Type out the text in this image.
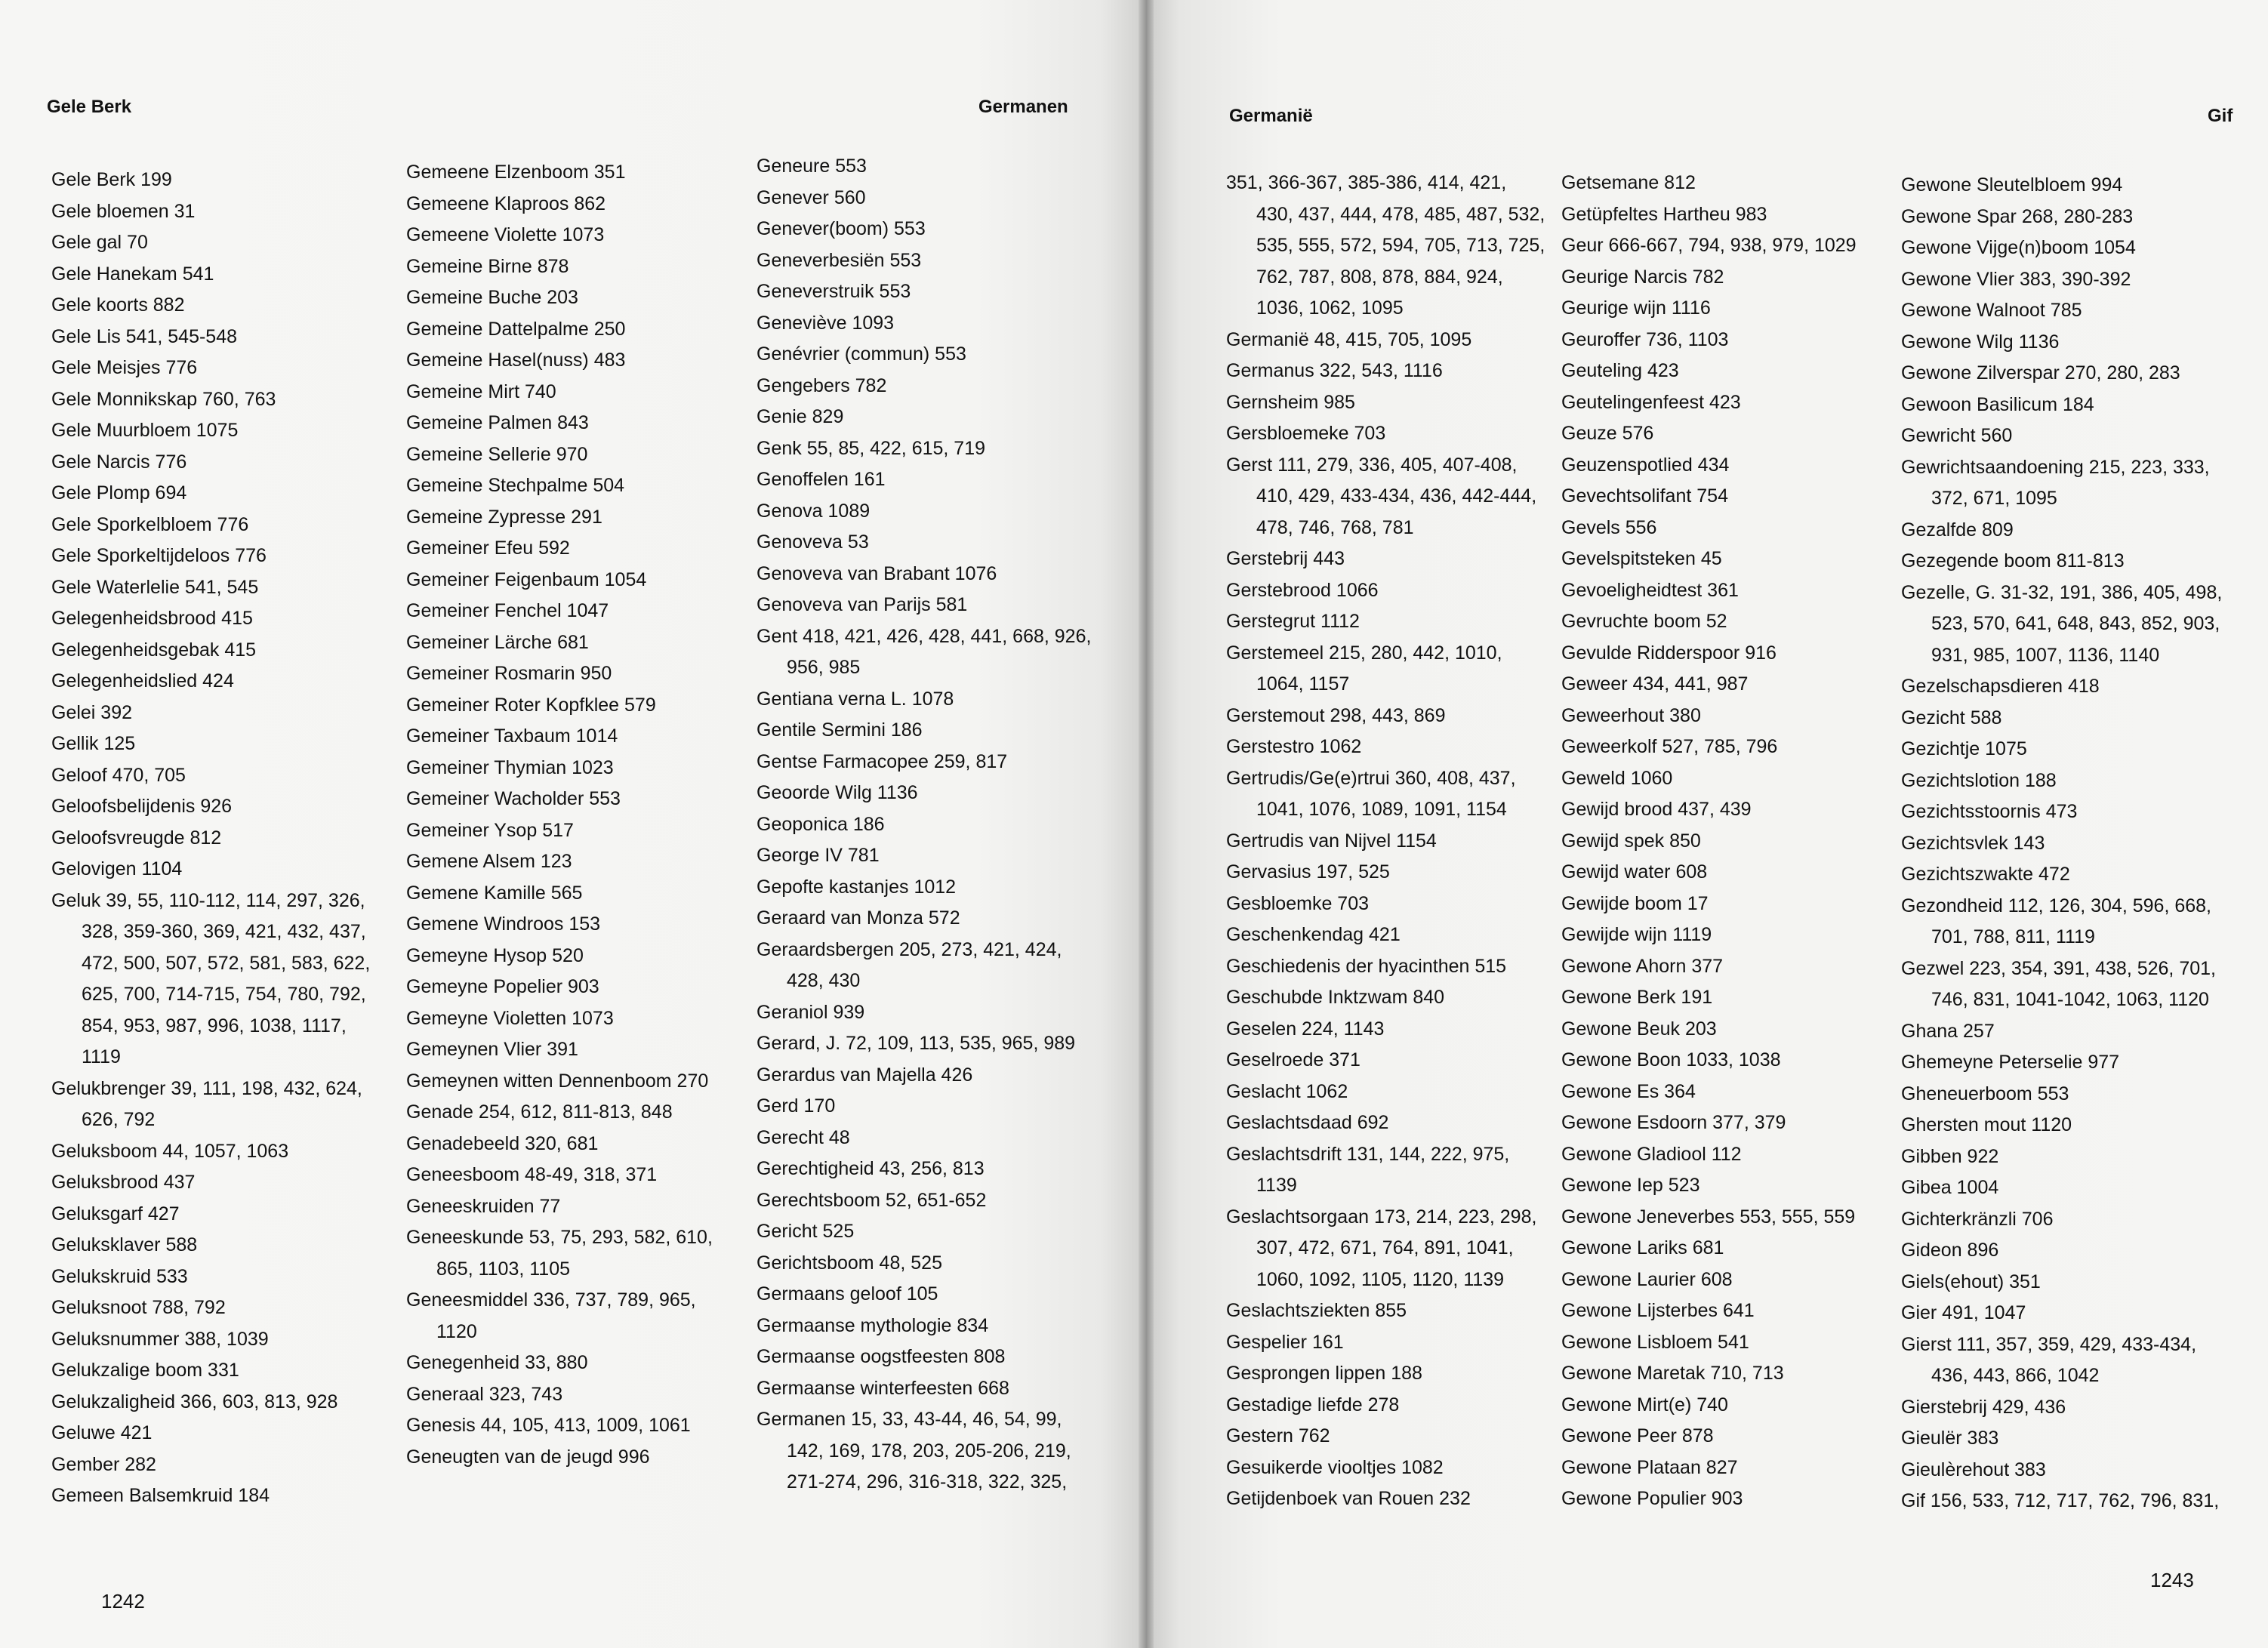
Gele Berk	Germanen

Gele Berk 199

Gele bloemen 31

Gele gal 70

Gele Hanekam 541

Gele koorts 882

Gele Lis 541, 545-548

Gele Meisjes 776

Gele Monnikskap 760, 763

Gele Muurbloem 1075

Gele Narcis 776

Gele Plomp 694

Gele Sporkelbloem 776

Gele Sporkeltijdeloos 776

Gele Waterlelie 541, 545

Gelegenheidsbrood 415

Gelegenheidsgebak 415

Gelegenheidslied 424

Gelei 392

Gellik 125

Geloof 470, 705

Geloofsbelijdenis 926

Geloofsvreugde 812

Gelovigen 1104

Geluk 39, 55, 110-112, 114, 297, 326, 328, 359-360, 369, 421, 432, 437, 472, 500, 507, 572, 581, 583, 622, 625, 700, 714-715, 754, 780, 792, 854, 953, 987, 996, 1038, 1117, 1119

Gelukbrenger 39, 111, 198, 432, 624, 626, 792

Geluksboom 44, 1057, 1063

Geluksbrood 437

Geluksgarf 427

Geluksklaver 588

Gelukskruid 533

Geluksnoot 788, 792

Geluksnummer 388, 1039

Gelukzalige boom 331

Gelukzaligheid 366, 603, 813, 928

Geluwe 421

Gember 282

Gemeen Balsemkruid 184

Gemeene Elzenboom 351

Gemeene Klaproos 862

Gemeene Violette 1073

Gemeine Birne 878

Gemeine Buche 203

Gemeine Dattelpalme 250

Gemeine Hasel(nuss) 483

Gemeine Mirt 740

Gemeine Palmen 843

Gemeine Sellerie 970

Gemeine Stechpalme 504

Gemeine Zypresse 291

Gemeiner Efeu 592

Gemeiner Feigenbaum 1054

Gemeiner Fenchel 1047

Gemeiner Lärche 681

Gemeiner Rosmarin 950

Gemeiner Roter Kopfklee 579

Gemeiner Taxbaum 1014

Gemeiner Thymian 1023

Gemeiner Wacholder 553

Gemeiner Ysop 517

Gemene Alsem 123

Gemene Kamille 565

Gemene Windroos 153

Gemeyne Hysop 520

Gemeyne Popelier 903

Gemeyne Violetten 1073

Gemeynen Vlier 391

Gemeynen witten Dennenboom 270

Genade 254, 612, 811-813, 848

Genadebeeld 320, 681

Geneesboom 48-49, 318, 371

Geneeskruiden 77

Geneeskunde 53, 75, 293, 582, 610, 865, 1103, 1105

Geneesmiddel 336, 737, 789, 965, 1120

Genegenheid 33, 880

Generaal 323, 743

Genesis 44, 105, 413, 1009, 1061

Geneugten van de jeugd 996

Geneure 553

Genever 560

Genever(boom) 553

Geneverbesiën 553

Geneverstruik 553

Geneviève 1093

Genévrier (commun) 553

Gengebers 782

Genie 829

Genk 55, 85, 422, 615, 719

Genoffelen 161

Genova 1089

Genoveva 53

Genoveva van Brabant 1076

Genoveva van Parijs 581

Gent 418, 421, 426, 428, 441, 668, 926, 956, 985

Gentiana verna L. 1078

Gentile Sermini 186

Gentse Farmacopee 259, 817

Geoorde Wilg 1136

Geoponica 186

George IV 781

Gepofte kastanjes 1012

Geraard van Monza 572

Geraardsbergen 205, 273, 421, 424, 428, 430

Geraniol 939

Gerard, J. 72, 109, 113, 535, 965, 989

Gerardus van Majella 426

Gerd 170

Gerecht 48

Gerechtigheid 43, 256, 813

Gerechtsboom 52, 651-652

Gericht 525

Gerichtsboom 48, 525

Germaans geloof 105

Germaanse mythologie 834

Germaanse oogstfeesten 808

Germaanse winterfeesten 668

Germanen 15, 33, 43-44, 46, 54, 99, 142, 169, 178, 203, 205-206, 219, 271-274, 296, 316-318, 322, 325,

1242
Germanië	Gif

351, 366-367, 385-386, 414, 421, 430, 437, 444, 478, 485, 487, 532, 535, 555, 572, 594, 705, 713, 725, 762, 787, 808, 878, 884, 924, 1036, 1062, 1095

Germanië 48, 415, 705, 1095

Germanus 322, 543, 1116

Gernsheim 985

Gersbloemeke 703

Gerst 111, 279, 336, 405, 407-408, 410, 429, 433-434, 436, 442-444, 478, 746, 768, 781

Gerstebrij 443

Gerstebrood 1066

Gerstegrut 1112

Gerstemeel 215, 280, 442, 1010, 1064, 1157

Gerstemout 298, 443, 869

Gerstestro 1062

Gertrudis/Ge(e)rtrui 360, 408, 437, 1041, 1076, 1089, 1091, 1154

Gertrudis van Nijvel 1154

Gervasius 197, 525

Gesbloemke 703

Geschenkendag 421

Geschiedenis der hyacinthen 515

Geschubde Inktzwam 840

Geselen 224, 1143

Geselroede 371

Geslacht 1062

Geslachtsdaad 692

Geslachtsdrift 131, 144, 222, 975, 1139

Geslachtsorgaan 173, 214, 223, 298, 307, 472, 671, 764, 891, 1041, 1060, 1092, 1105, 1120, 1139

Geslachtsziekten 855

Gespelier 161

Gesprongen lippen 188

Gestadige liefde 278

Gestern 762

Gesuikerde viooltjes 1082

Getijdenboek van Rouen 232

Getsemane 812

Getüpfeltes Hartheu 983

Geur 666-667, 794, 938, 979, 1029

Geurige Narcis 782

Geurige wijn 1116

Geuroffer 736, 1103

Geuteling 423

Geutelingenfeest 423

Geuze 576

Geuzenspotlied 434

Gevechtsolifant 754

Gevels 556

Gevelspitsteken 45

Gevoeligheidtest 361

Gevruchte boom 52

Gevulde Ridderspoor 916

Geweer 434, 441, 987

Geweerhout 380

Geweerkolf 527, 785, 796

Geweld 1060

Gewijd brood 437, 439

Gewijd spek 850

Gewijd water 608

Gewijde boom 17

Gewijde wijn 1119

Gewone Ahorn 377

Gewone Berk 191

Gewone Beuk 203

Gewone Boon 1033, 1038

Gewone Es 364

Gewone Esdoorn 377, 379

Gewone Gladiool 112

Gewone Iep 523

Gewone Jeneverbes 553, 555, 559

Gewone Lariks 681

Gewone Laurier 608

Gewone Lijsterbes 641

Gewone Lisbloem 541

Gewone Maretak 710, 713

Gewone Mirt(e) 740

Gewone Peer 878

Gewone Plataan 827

Gewone Populier 903

Gewone Sleutelbloem 994

Gewone Spar 268, 280-283

Gewone Vijge(n)boom 1054

Gewone Vlier 383, 390-392

Gewone Walnoot 785

Gewone Wilg 1136

Gewone Zilverspar 270, 280, 283

Gewoon Basilicum 184

Gewricht 560

Gewrichtsaandoening 215, 223, 333, 372, 671, 1095

Gezalfde 809

Gezegende boom 811-813

Gezelle, G. 31-32, 191, 386, 405, 498, 523, 570, 641, 648, 843, 852, 903, 931, 985, 1007, 1136, 1140

Gezelschapsdieren 418

Gezicht 588

Gezichtje 1075

Gezichtslotion 188

Gezichtsstoornis 473

Gezichtsvlek 143

Gezichtszwakte 472

Gezondheid 112, 126, 304, 596, 668, 701, 788, 811, 1119

Gezwel 223, 354, 391, 438, 526, 701, 746, 831, 1041-1042, 1063, 1120

Ghana 257

Ghemeyne Peterselie 977

Gheneuerboom 553

Ghersten mout 1120

Gibben 922

Gibea 1004

Gichterkränzli 706

Gideon 896

Giels(ehout) 351

Gier 491, 1047

Gierst 111, 357, 359, 429, 433-434, 436, 443, 866, 1042

Gierstebrij 429, 436

Gieulër 383

Gieulèrehout 383

Gif 156, 533, 712, 717, 762, 796, 831,

1243
